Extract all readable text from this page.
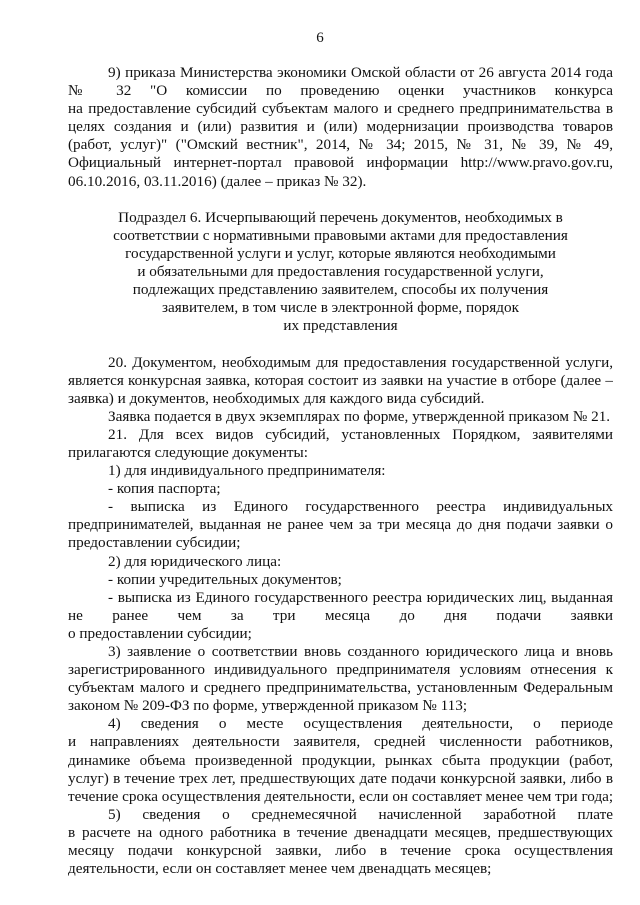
6
9) приказа Министерства экономики Омской области от 26 августа 2014 года
№ 32 "О комиссии по проведению оценки участников конкурса
на предоставление субсидий субъектам малого и среднего предпринимательства в
целях создания и (или) развития и (или) модернизации производства товаров
(работ, услуг)" ("Омский вестник", 2014, № 34; 2015, № 31, № 39, № 49,
Официальный интернет-портал правовой информации http://www.pravo.gov.ru,
06.10.2016, 03.11.2016) (далее – приказ № 32).
Подраздел 6. Исчерпывающий перечень документов, необходимых в
соответствии с нормативными правовыми актами для предоставления
государственной услуги и услуг, которые являются необходимыми
и обязательными для предоставления государственной услуги,
подлежащих представлению заявителем, способы их получения
заявителем, в том числе в электронной форме, порядок
их представления
20. Документом, необходимым для предоставления государственной услуги,
является конкурсная заявка, которая состоит из заявки на участие в отборе (далее –
заявка) и документов, необходимых для каждого вида субсидий.
Заявка подается в двух экземплярах по форме, утвержденной приказом № 21.
21. Для всех видов субсидий, установленных Порядком, заявителями
прилагаются следующие документы:
1) для индивидуального предпринимателя:
- копия паспорта;
- выписка из Единого государственного реестра индивидуальных
предпринимателей, выданная не ранее чем за три месяца до дня подачи заявки о
предоставлении субсидии;
2) для юридического лица:
- копии учредительных документов;
- выписка из Единого государственного реестра юридических лиц, выданная
не ранее чем за три месяца до дня подачи заявки
о предоставлении субсидии;
3) заявление о соответствии вновь созданного юридического лица и вновь
зарегистрированного индивидуального предпринимателя условиям отнесения к
субъектам малого и среднего предпринимательства, установленным Федеральным
законом № 209-ФЗ по форме, утвержденной приказом № 113;
4) сведения о месте осуществления деятельности, о периоде
и направлениях деятельности заявителя, средней численности работников,
динамике объема произведенной продукции, рынках сбыта продукции (работ,
услуг) в течение трех лет, предшествующих дате подачи конкурсной заявки, либо в
течение срока осуществления деятельности, если он составляет менее чем три года;
5) сведения о среднемесячной начисленной заработной плате
в расчете на одного работника в течение двенадцати месяцев, предшествующих
месяцу подачи конкурсной заявки, либо в течение срока осуществления
деятельности, если он составляет менее чем двенадцать месяцев;
